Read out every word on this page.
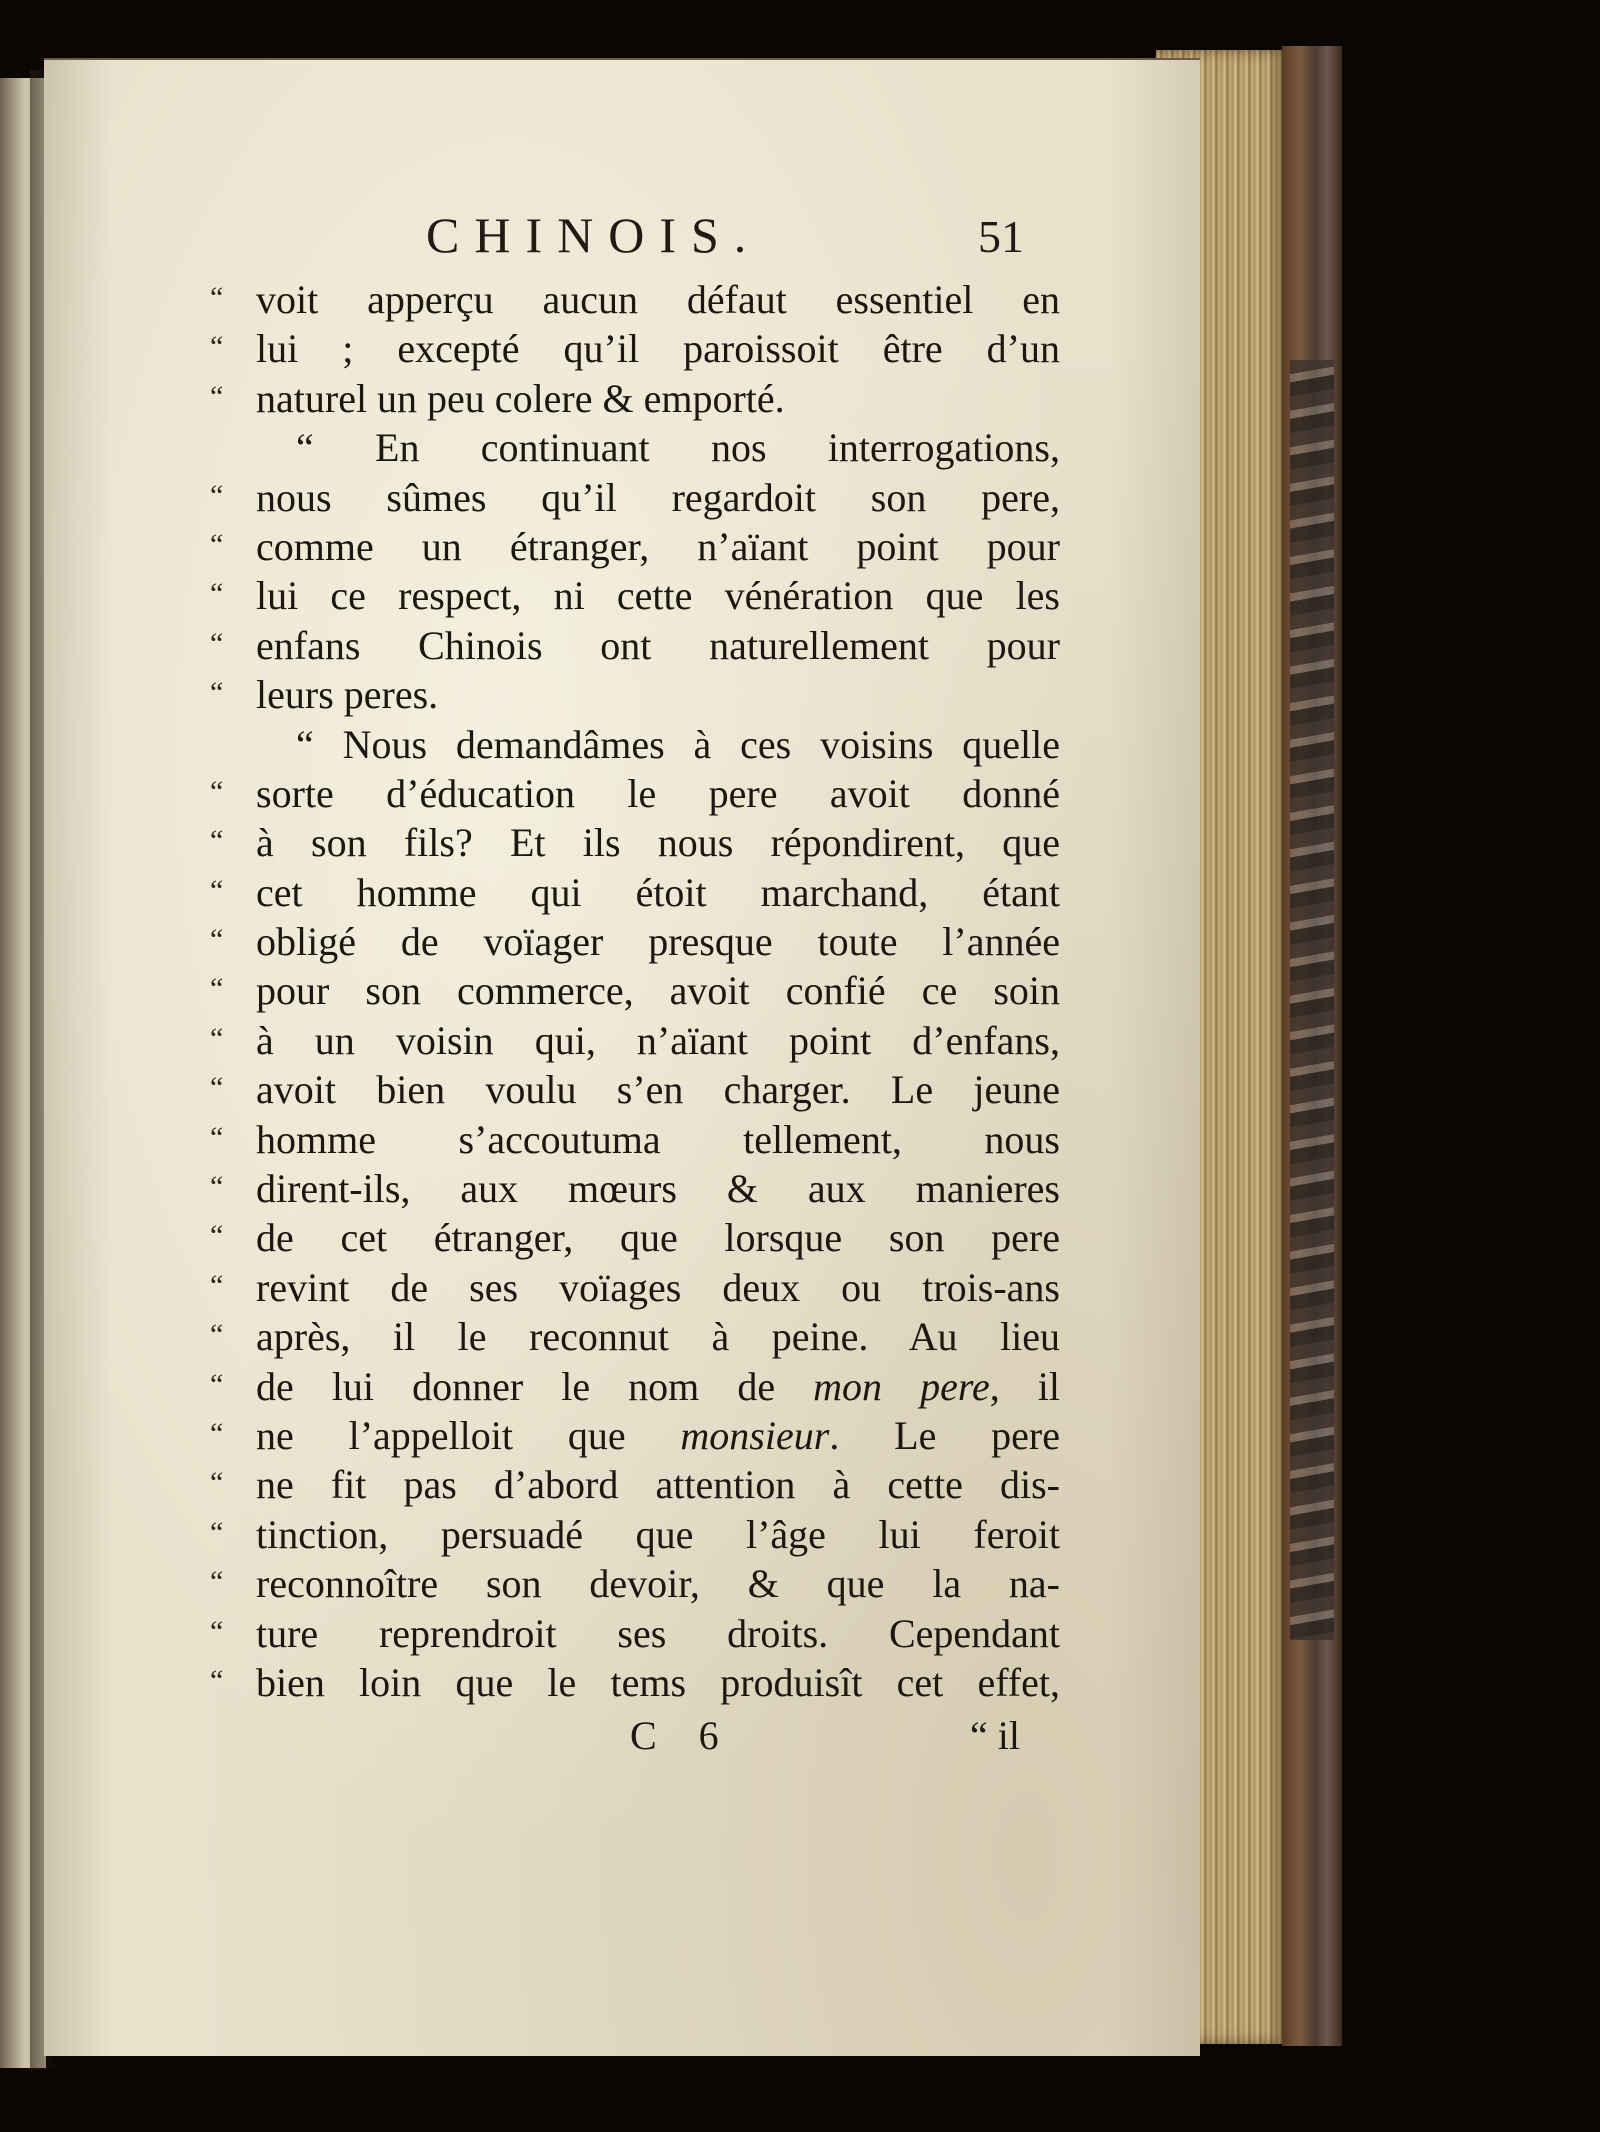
CHINOIS.	51
“ voit apperçu aucun défaut essentiel en
“ lui ; excepté qu’il paroissoit être d’un
“ naturel un peu colere & emporté.
“ En continuant nos interrogations,
“ nous sûmes qu’il regardoit son pere,
“ comme un étranger, n’aïant point pour
“ lui ce respect, ni cette vénération que les
“ enfans Chinois ont naturellement pour
“ leurs peres.
“ Nous demandâmes à ces voisins quelle
“ sorte d’éducation le pere avoit donné
“ à son fils? Et ils nous répondirent, que
“ cet homme qui étoit marchand, étant
“ obligé de voïager presque toute l’année
“ pour son commerce, avoit confié ce soin
“ à un voisin qui, n’aïant point d’enfans,
“ avoit bien voulu s’en charger. Le jeune
“ homme s’accoutuma tellement, nous
“ dirent-ils, aux mœurs & aux manieres
“ de cet étranger, que lorsque son pere
“ revint de ses voïages deux ou trois-ans
“ après, il le reconnut à peine. Au lieu
“ de lui donner le nom de mon pere, il
“ ne l’appelloit que monsieur. Le pere
“ ne fit pas d’abord attention à cette dis-
“ tinction, persuadé que l’âge lui feroit
“ reconnoître son devoir, & que la na-
“ ture reprendroit ses droits. Cependant
“ bien loin que le tems produisît cet effet,
C 6	“ il
